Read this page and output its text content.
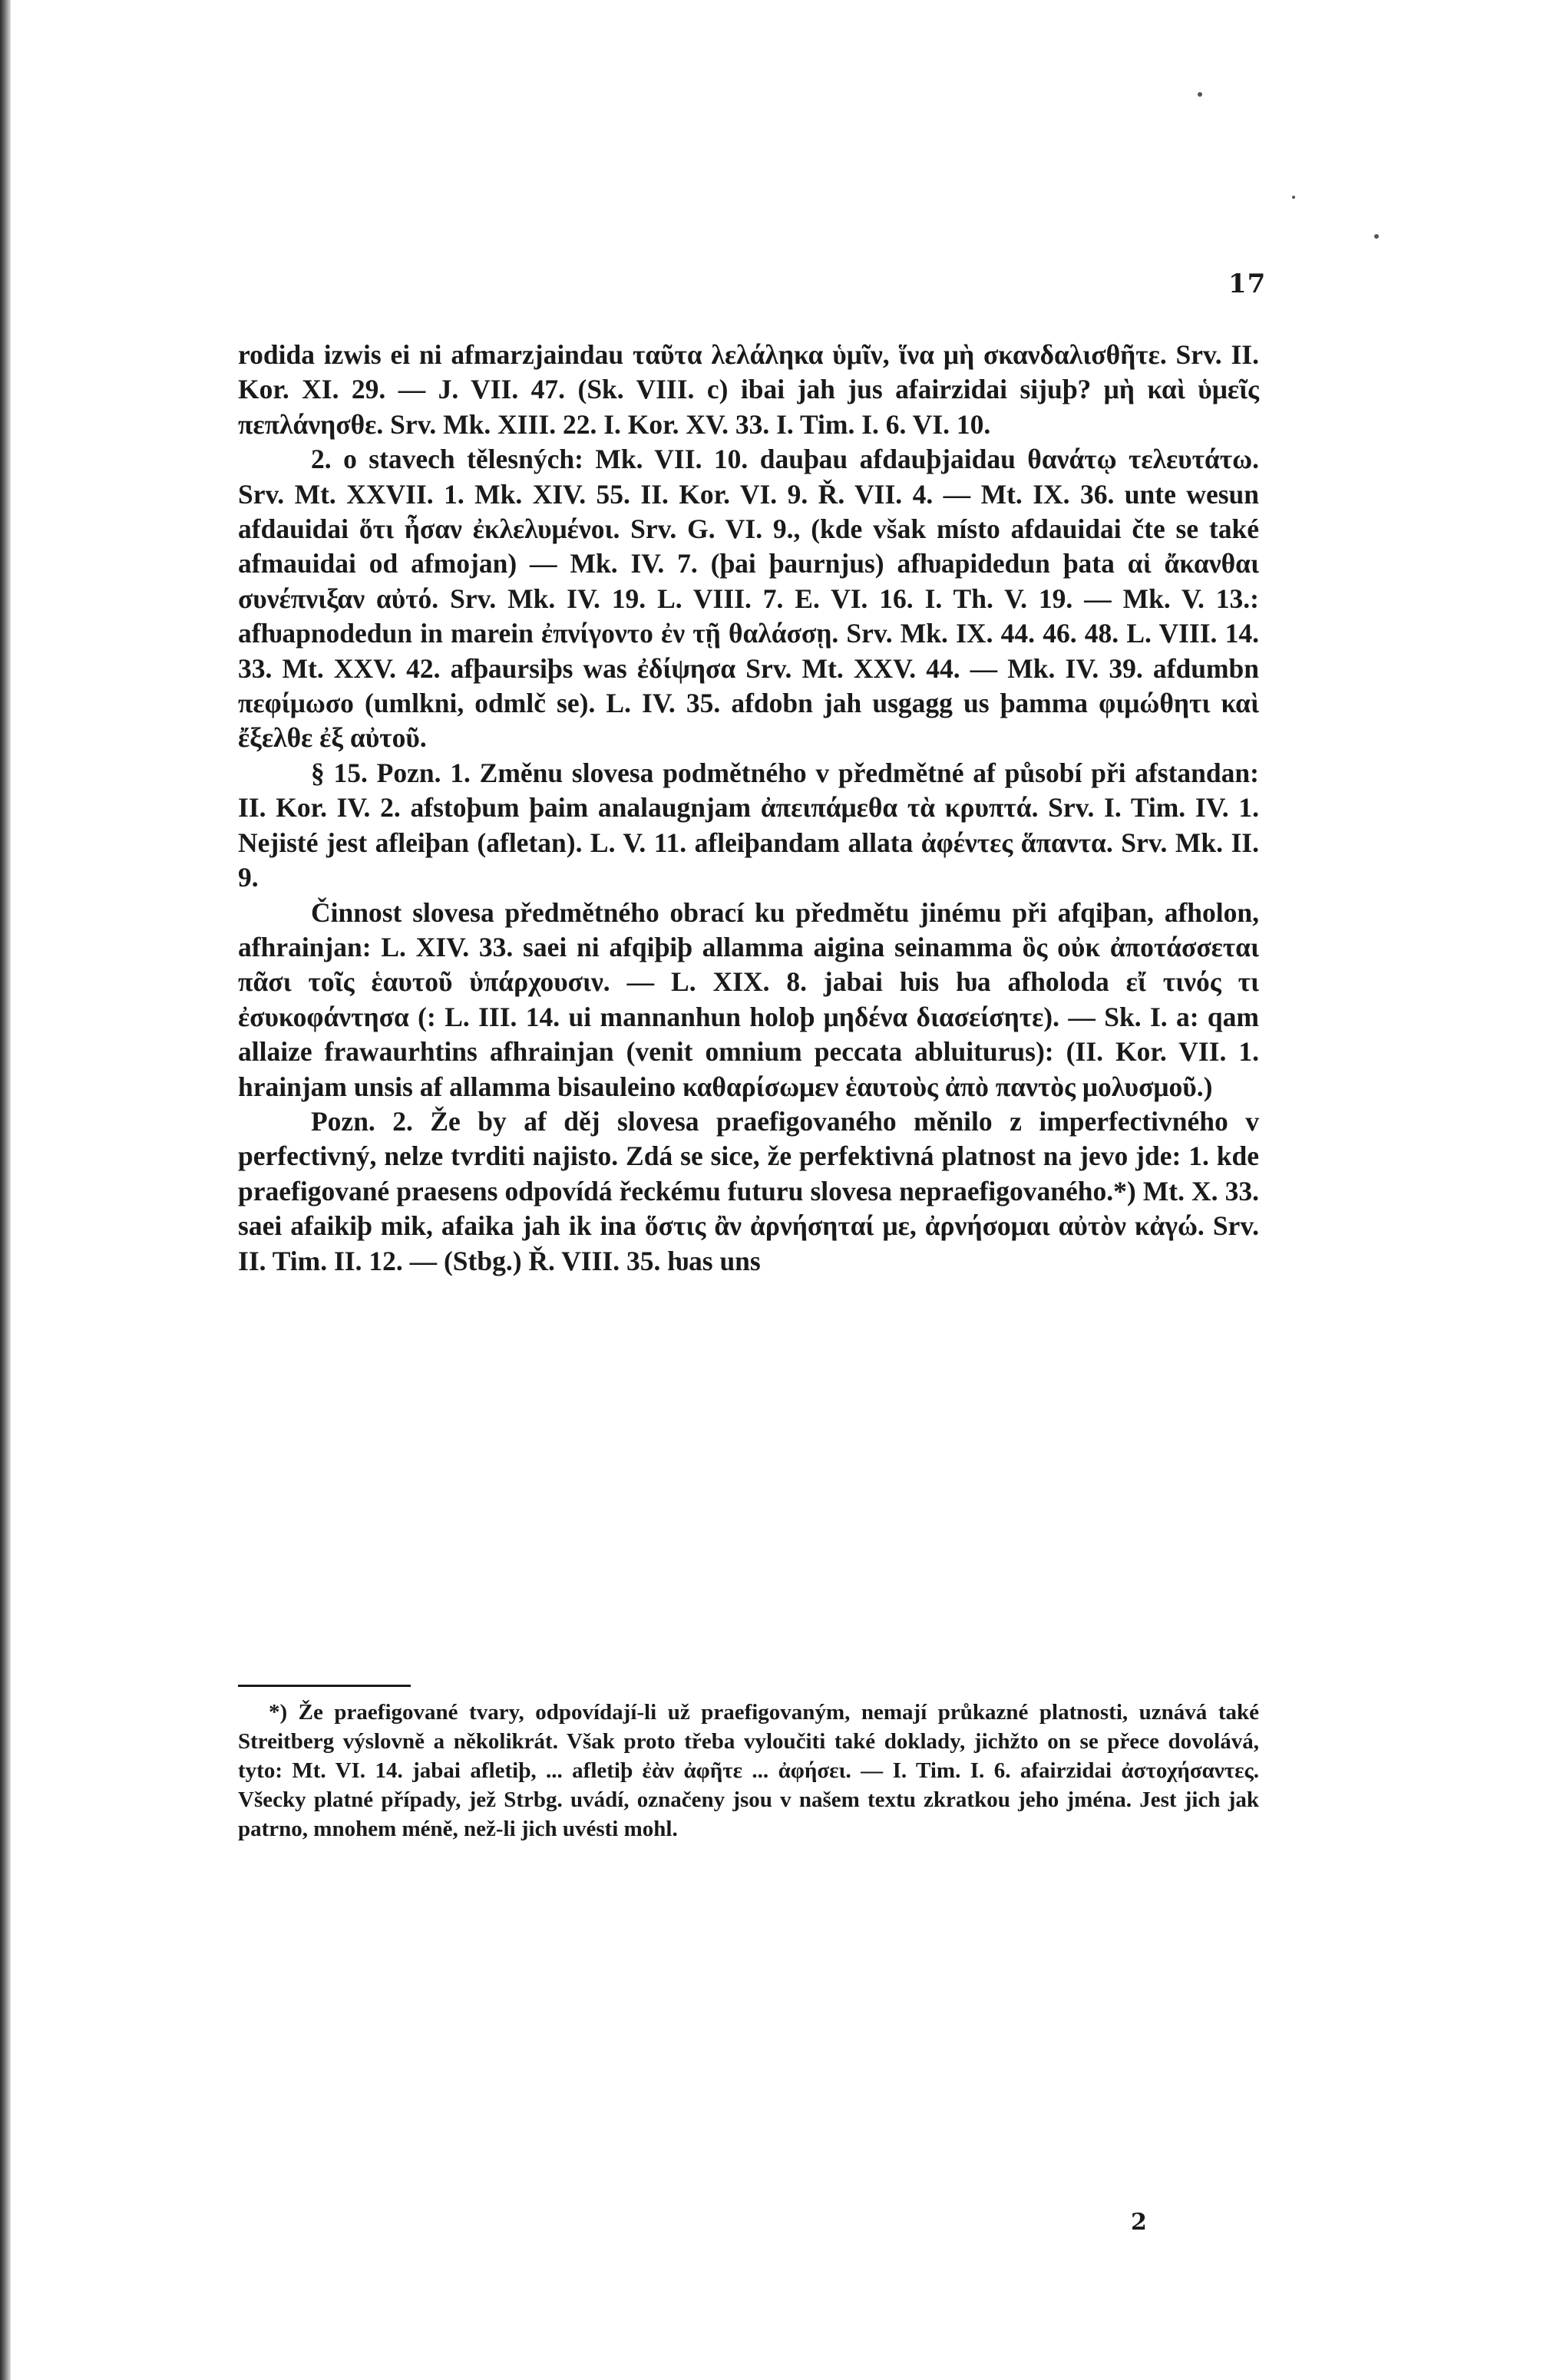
17

rodida izwis ei ni afmarzjaindau ταῦτα λελάληκα ὑμῖν, ἵνα μὴ σκανδαλισθῆτε. Srv. II. Kor. XI. 29. — J. VII. 47. (Sk. VIII. c) ibai jah jus afairzidai sijuþ? μὴ καὶ ὑμεῖς πεπλάνησθε. Srv. Mk. XIII. 22. I. Kor. XV. 33. I. Tim. I. 6. VI. 10.

2. o stavech tělesných: Mk. VII. 10. dauþau afdauþjaidau θανάτῳ τελευτάτω. Srv. Mt. XXVII. 1. Mk. XIV. 55. II. Kor. VI. 9. Ř. VII. 4. — Mt. IX. 36. unte wesun afdauidai ὅτι ἦσαν ἐκλελυμένοι. Srv. G. VI. 9., (kde však místo afdauidai čte se také afmauidai od afmojan) — Mk. IV. 7. (þai þaurnjus) afƕapidedun þata αἱ ἄκανθαι συνέπνιξαν αὐτό. Srv. Mk. IV. 19. L. VIII. 7. E. VI. 16. I. Th. V. 19. — Mk. V. 13.: afƕapnodedun in marein ἐπνίγοντο ἐν τῇ θαλάσσῃ. Srv. Mk. IX. 44. 46. 48. L. VIII. 14. 33. Mt. XXV. 42. afþaursiþs was ἐδίψησα Srv. Mt. XXV. 44. — Mk. IV. 39. afdumbn πεφίμωσο (umlkni, odmlč se). L. IV. 35. afdobn jah usgagg us þamma φιμώθητι καὶ ἔξελθε ἐξ αὐτοῦ.

§ 15. Pozn. 1. Změnu slovesa podmětného v předmětné af působí při afstandan: II. Kor. IV. 2. afstoþum þaim analaugnjam ἀπειπάμεθα τὰ κρυπτά. Srv. I. Tim. IV. 1. Nejisté jest afleiþan (afletan). L. V. 11. afleiþandam allata ἀφέντες ἅπαντα. Srv. Mk. II. 9.

Činnost slovesa předmětného obrací ku předmětu jinému při afqiþan, afholon, afhrainjan: L. XIV. 33. saei ni afqiþiþ allamma aigina seinamma ὃς οὐκ ἀποτάσσεται πᾶσι τοῖς ἑαυτοῦ ὑπάρχουσιν. — L. XIX. 8. jabai ƕis ƕa afholoda εἴ τινός τι ἐσυκοφάντησα (: L. III. 14. ui mannanhun holoþ μηδένα διασείσητε). — Sk. I. a: qam allaize frawaurhtins afhrainjan (venit omnium peccata abluiturus): (II. Kor. VII. 1. hrainjam unsis af allamma bisauleino καθαρίσωμεν ἑαυτοὺς ἀπὸ παντὸς μολυσμοῦ.)

Pozn. 2. Že by af děj slovesa praefigovaného měnilo z imperfectivného v perfectivný, nelze tvrditi najisto. Zdá se sice, že perfektivná platnost na jevo jde: 1. kde praefigované praesens odpovídá řeckému futuru slovesa nepraefigovaného.*) Mt. X. 33. saei afaikiþ mik, afaika jah ik ina ὅστις ἂν ἀρνήσηταί με, ἀρνήσομαι αὐτὸν κἀγώ. Srv. II. Tim. II. 12. — (Stbg.) Ř. VIII. 35. ƕas uns

*) Že praefigované tvary, odpovídají-li už praefigovaným, nemají průkazné platnosti, uznává také Streitberg výslovně a několikrát. Však proto třeba vyloučiti také doklady, jichžto on se přece dovolává, tyto: Mt. VI. 14. jabai afletiþ, ... afletiþ ἐὰν ἀφῆτε ... ἀφήσει. — I. Tim. I. 6. afairzidai ἀστοχήσαντες. Všecky platné případy, jež Strbg. uvádí, označeny jsou v našem textu zkratkou jeho jména. Jest jich jak patrno, mnohem méně, než-li jich uvésti mohl.

2
